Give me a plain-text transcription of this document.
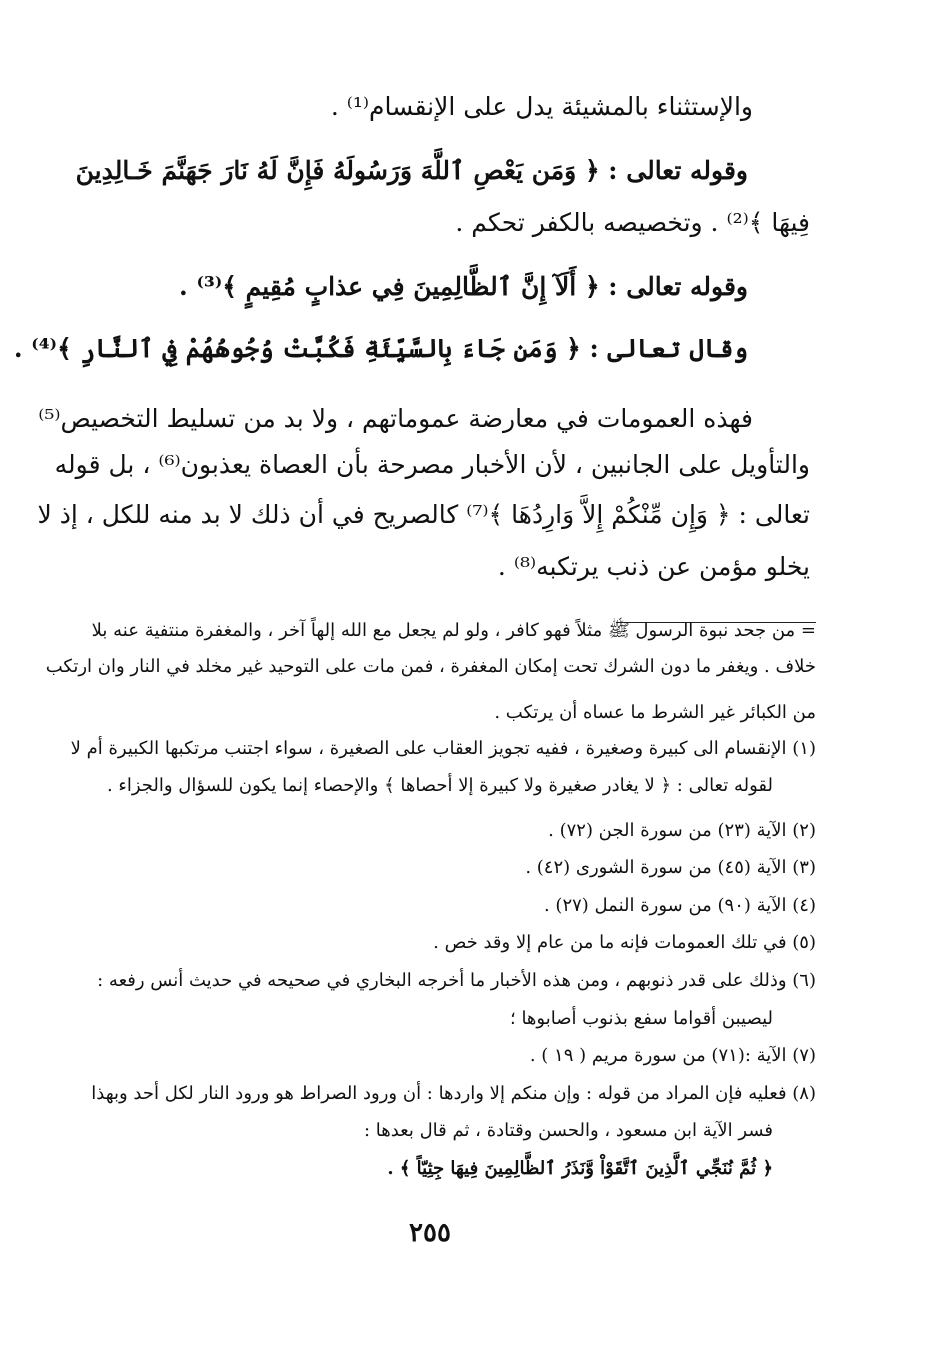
والإستثناء بالمشيئة يدل على الإنقسام⁽¹⁾ .
وقوله تعالى : ﴿ وَمَن يَعْصِ ٱللَّهَ وَرَسُولَهُ فَإِنَّ لَهُ نَارَ جَهَنَّمَ خَـالِدِينَ
فِيهَا ﴾⁽²⁾ . وتخصيصه بالكفر تحكم .
وقوله تعالى : ﴿ أَلَآ إِنَّ ٱلظَّالِمِينَ فِي عذابٍ مُقِيمٍ ﴾⁽³⁾ .
وقال تعالى : ﴿ وَمَن جَاءَ بِالسَّيِّئَةِ فَكُبَّتْ وُجُوهُهُمْ فِي ٱلنَّارِ ﴾⁽⁴⁾ .
فهذه العمومات في معارضة عموماتهم ، ولا بد من تسليط التخصيص⁽⁵⁾
والتأويل على الجانبين ، لأن الأخبار مصرحة بأن العصاة يعذبون⁽⁶⁾ ، بل قوله
تعالى : ﴿ وَإِن مِّنْكُمْ إِلاَّ وَارِدُهَا ﴾⁽⁷⁾ كالصريح في أن ذلك لا بد منه للكل ، إذ لا
يخلو مؤمن عن ذنب يرتكبه⁽⁸⁾ .
= من جحد نبوة الرسول ﷺ مثلاً فهو كافر ، ولو لم يجعل مع الله إلهاً آخر ، والمغفرة منتفية عنه بلا
خلاف . ويغفر ما دون الشرك تحت إمكان المغفرة ، فمن مات على التوحيد غير مخلد في النار وان ارتكب
من الكبائر غير الشرط ما عساه أن يرتكب .
(١) الإنقسام الى كبيرة وصغيرة ، ففيه تجويز العقاب على الصغيرة ، سواء اجتنب مرتكبها الكبيرة أم لا
لقوله تعالى : ﴿ لا يغادر صغيرة ولا كبيرة إلا أحصاها ﴾ والإحصاء إنما يكون للسؤال والجزاء .
(٢) الآية (٢٣) من سورة الجن (٧٢) .
(٣) الآية (٤٥) من سورة الشورى (٤٢) .
(٤) الآية (٩٠) من سورة النمل (٢٧) .
(٥) في تلك العمومات فإنه ما من عام إلا وقد خص .
(٦) وذلك على قدر ذنوبهم ، ومن هذه الأخبار ما أخرجه البخاري في صحيحه في حديث أنس رفعه :
ليصيبن أقواما سفع بذنوب أصابوها ؛
(٧) الآية :(٧١) من سورة مريم ( ١٩ ) .
(٨) فعليه فإن المراد من قوله : وإن منكم إلا واردها : أن ورود الصراط هو ورود النار لكل أحد وبهذا
فسر الآية ابن مسعود ، والحسن وقتادة ، ثم قال بعدها :
﴿ ثُمَّ نُنَجِّي ٱلَّذِينَ ٱتَّقَوْاْ وَّنَذَرُ ٱلظَّالِمِينَ فِيهَا جِثِيّاً ﴾ .
٢٥٥
